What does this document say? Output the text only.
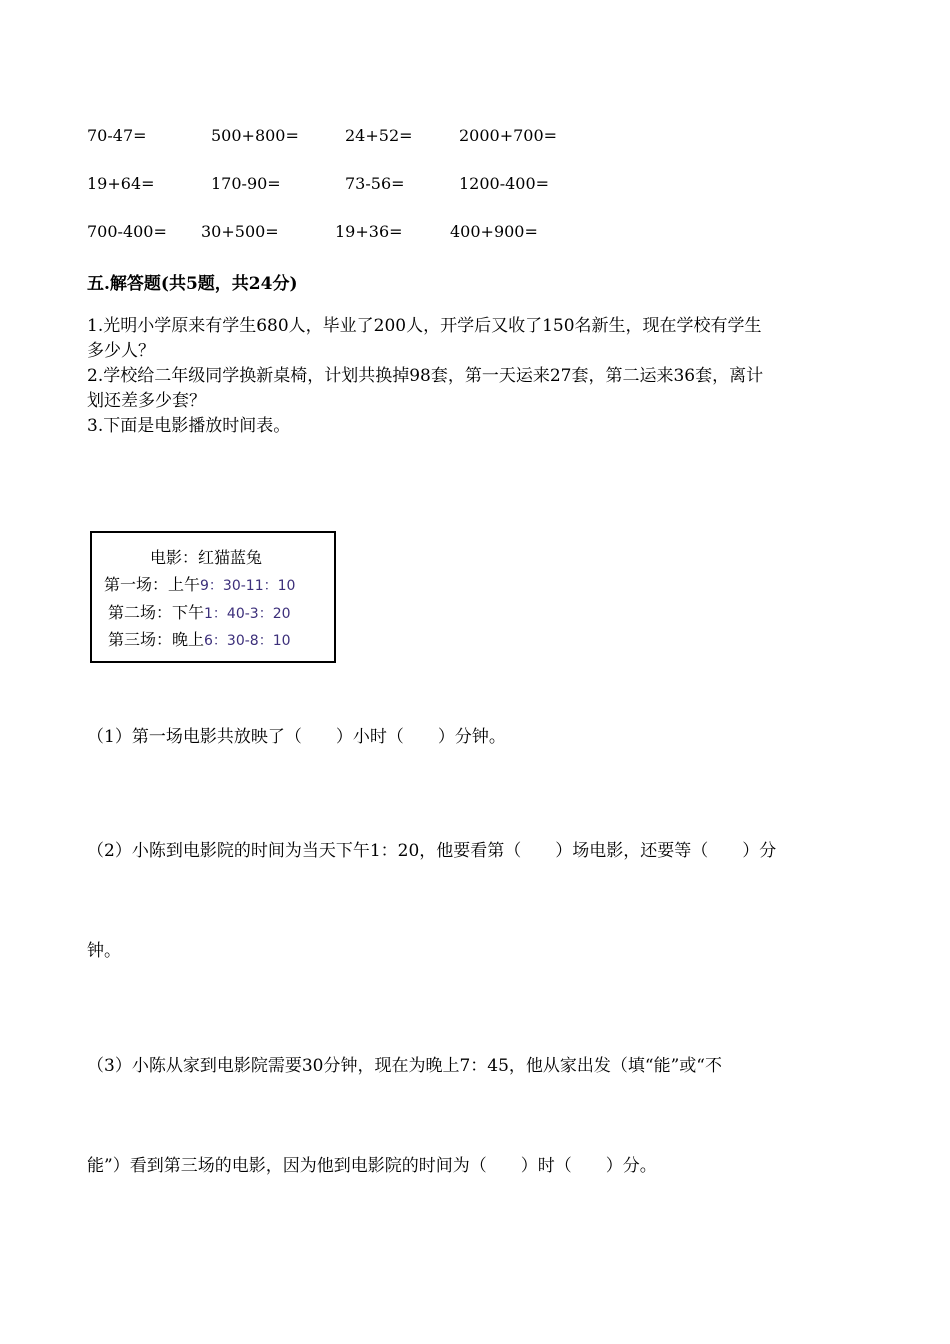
70-47=	500+800=	24+52=	2000+700=
19+64=	170-90=	73-56=	1200-400=
700-400= 30+500=	19+36=	400+900=
五.解答题(共5题，共24分)
1.光明小学原来有学生680人，毕业了200人，开学后又收了150名新生，现在学校有学生
多少人？
2.学校给二年级同学换新桌椅，计划共换掉98套，第一天运来27套，第二运来36套，离计
划还差多少套？
3.下面是电影播放时间表。
电影：红猫蓝兔
第一场：上午9：30-11：10
第二场：下午1：40-3：20
第三场：晚上6：30-8：10
（1）第一场电影共放映了（　　）小时（　　）分钟。
（2）小陈到电影院的时间为当天下午1：20，他要看第（　　）场电影，还要等（　　）分
钟。
（3）小陈从家到电影院需要30分钟，现在为晚上7：45，他从家出发（填“能”或“不
能”）看到第三场的电影，因为他到电影院的时间为（　　）时（　　）分。
